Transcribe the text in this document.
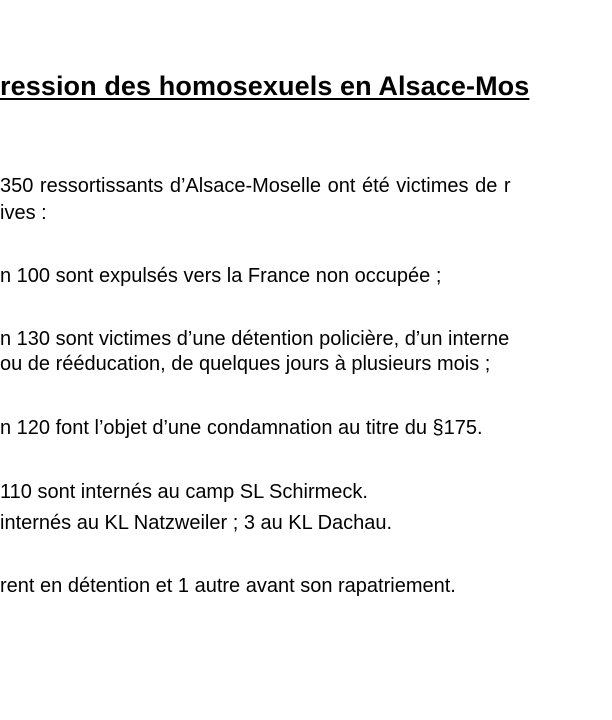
ression des homosexuels en Alsace-Mos
350 ressortissants d’Alsace-Moselle ont été victimes de r
ives :
n 100 sont expulsés vers la France non occupée ;
n 130 sont victimes d’une détention policière, d’un interne
ou de rééducation, de quelques jours à plusieurs mois ;
n 120 font l’objet d’une condamnation au titre du §175.
110 sont internés au camp SL Schirmeck.
internés au KL Natzweiler ; 3 au KL Dachau.
rent en détention et 1 autre avant son rapatriement.
